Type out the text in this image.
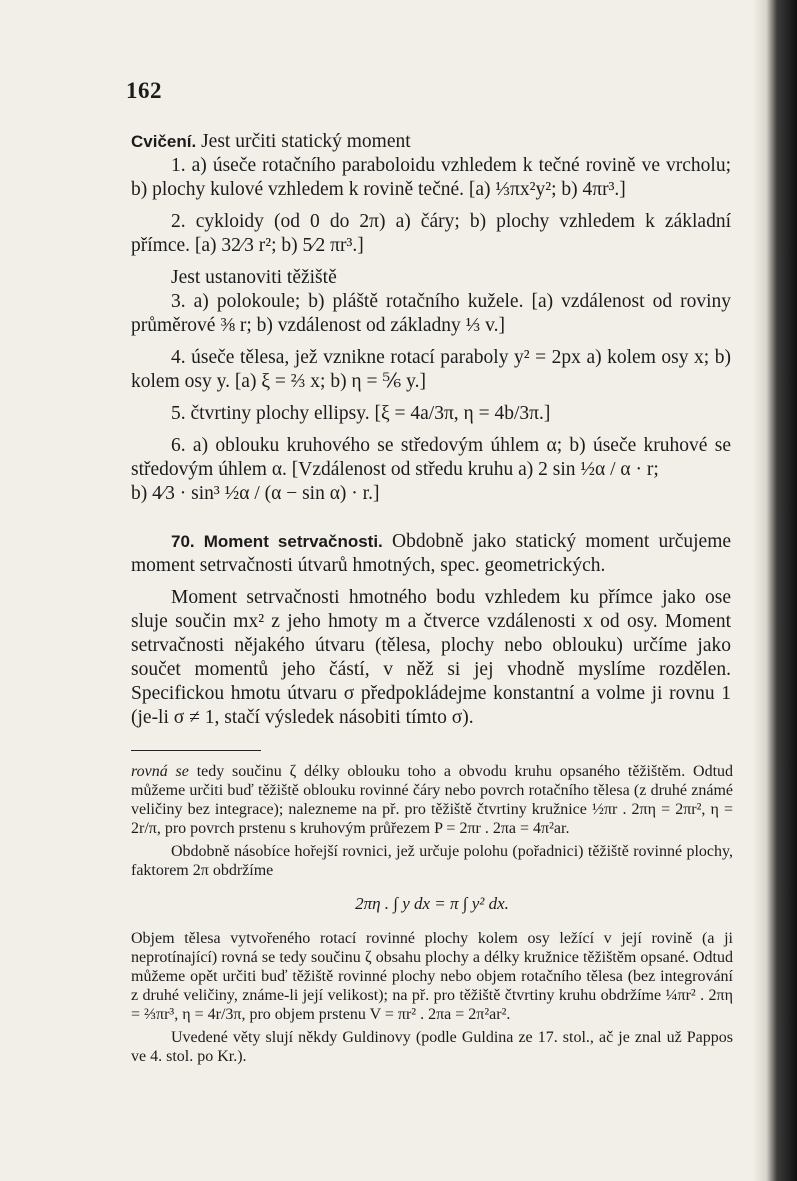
162

Cvičení. Jest určiti statický moment

1. a) úseče rotačního paraboloidu vzhledem k tečné rovině ve vrcholu; b) plochy kulové vzhledem k rovině tečné. [a) ⅓πx²y²; b) 4πr³.]

2. cykloidy (od 0 do 2π) a) čáry; b) plochy vzhledem k základní přímce. [a) 32⁄3 r²; b) 5⁄2 πr³.]

Jest ustanoviti těžiště

3. a) polokoule; b) pláště rotačního kužele. [a) vzdálenost od roviny průměrové ⅜ r; b) vzdálenost od základny ⅓ v.]

4. úseče tělesa, jež vznikne rotací paraboly y² = 2px a) kolem osy x; b) kolem osy y. [a) ξ = ⅔ x; b) η = ⅚ y.]

5. čtvrtiny plochy ellipsy. [ξ = 4a/3π, η = 4b/3π.]

6. a) oblouku kruhového se středovým úhlem α; b) úseče kruhové se středovým úhlem α. [Vzdálenost od středu kruhu a) 2 sin ½α / α · r;

b) 4⁄3 · sin³ ½α / (α − sin α) · r.]

70. Moment setrvačnosti. Obdobně jako statický moment určujeme moment setrvačnosti útvarů hmotných, spec. geometrických.

Moment setrvačnosti hmotného bodu vzhledem ku přímce jako ose sluje součin mx² z jeho hmoty m a čtverce vzdálenosti x od osy. Moment setrvačnosti nějakého útvaru (tělesa, plochy nebo oblouku) určíme jako součet momentů jeho částí, v něž si jej vhodně myslíme rozdělen. Specifickou hmotu útvaru σ předpokládejme konstantní a volme ji rovnu 1 (je-li σ ≠ 1, stačí výsledek násobiti tímto σ).

rovná se tedy součinu ζ délky oblouku toho a obvodu kruhu opsaného těžištěm. Odtud můžeme určiti buď těžiště oblouku rovinné čáry nebo povrch rotačního tělesa (z druhé známé veličiny bez integrace); nalezneme na př. pro těžiště čtvrtiny kružnice ½πr . 2πη = 2πr², η = 2r/π, pro povrch prstenu s kruhovým průřezem P = 2πr . 2πa = 4π²ar.

Obdobně násobíce hořejší rovnici, jež určuje polohu (pořadnici) těžiště rovinné plochy, faktorem 2π obdržíme

2πη . ∫ y dx = π ∫ y² dx.

Objem tělesa vytvořeného rotací rovinné plochy kolem osy ležící v její rovině (a ji neprotínající) rovná se tedy součinu ζ obsahu plochy a délky kružnice těžištěm opsané. Odtud můžeme opět určiti buď těžiště rovinné plochy nebo objem rotačního tělesa (bez integrování z druhé veličiny, známe-li její velikost); na př. pro těžiště čtvrtiny kruhu obdržíme ¼πr² . 2πη = ⅔πr³, η = 4r/3π, pro objem prstenu V = πr² . 2πa = 2π²ar².

Uvedené věty slují někdy Guldinovy (podle Guldina ze 17. stol., ač je znal už Pappos ve 4. stol. po Kr.).
